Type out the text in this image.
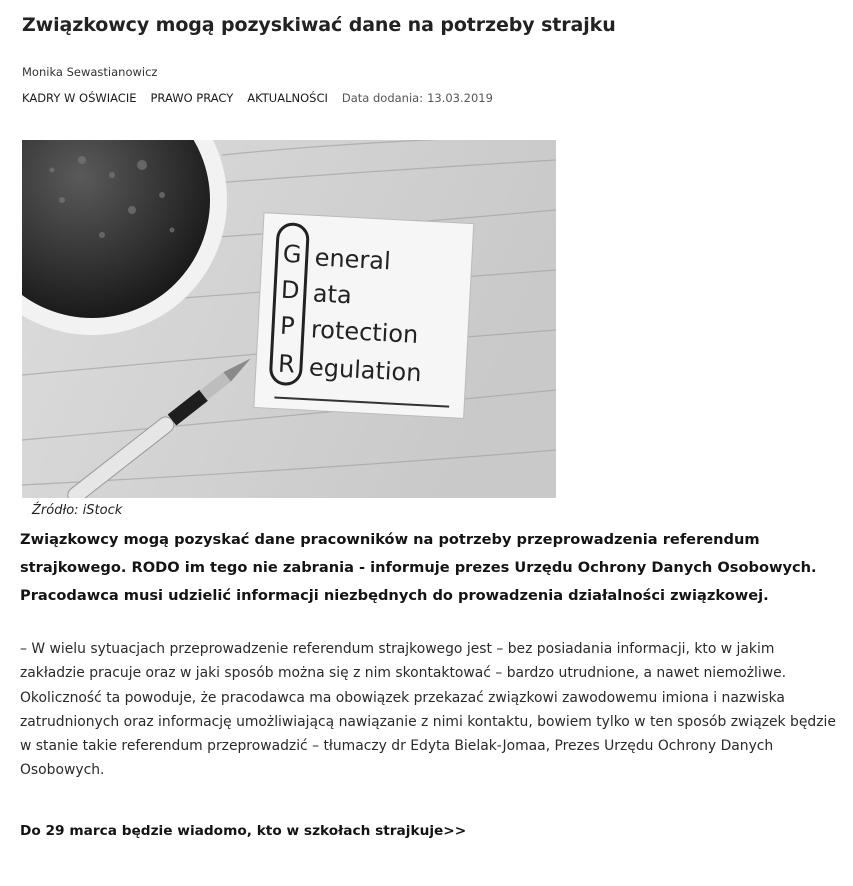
Związkowcy mogą pozyskiwać dane na potrzeby strajku
Monika Sewastianowicz
KADRY W OŚWIACIE PRAWO PRACY AKTUALNOŚCI Data dodania: 13.03.2019
G
D
P
R
eneral
ata
rotection
egulation
Źródło: iStock

Związkowcy mogą pozyskać dane pracowników na potrzeby przeprowadzenia referendum strajkowego. RODO im tego nie zabrania - informuje prezes Urzędu Ochrony Danych Osobowych. Pracodawca musi udzielić informacji niezbędnych do prowadzenia działalności związkowej.

– W wielu sytuacjach przeprowadzenie referendum strajkowego jest – bez posiadania informacji, kto w jakim zakładzie pracuje oraz w jaki sposób można się z nim skontaktować – bardzo utrudnione, a nawet niemożliwe. Okoliczność ta powoduje, że pracodawca ma obowiązek przekazać związkowi zawodowemu imiona i nazwiska zatrudnionych oraz informację umożliwiającą nawiązanie z nimi kontaktu, bowiem tylko w ten sposób związek będzie w stanie takie referendum przeprowadzić – tłumaczy dr Edyta Bielak-Jomaa, Prezes Urzędu Ochrony Danych Osobowych.

Do 29 marca będzie wiadomo, kto w szkołach strajkuje>>
